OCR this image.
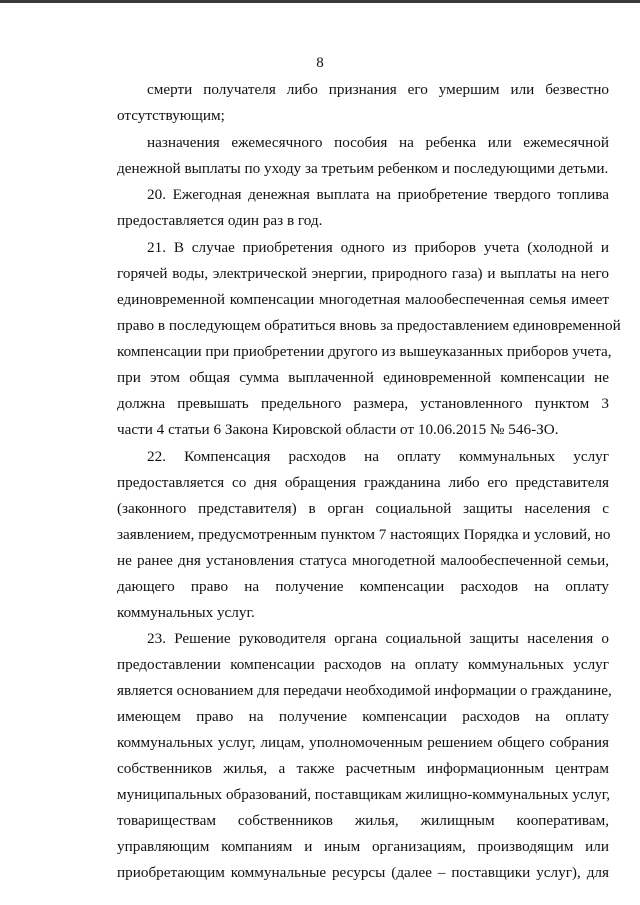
8
смерти получателя либо признания его умершим или безвестно
отсутствующим;
назначения ежемесячного пособия на ребенка или ежемесячной
денежной выплаты по уходу за третьим ребенком и последующими детьми.
20. Ежегодная денежная выплата на приобретение твердого топлива
предоставляется один раз в год.
21. В случае приобретения одного из приборов учета (холодной и
горячей воды, электрической энергии, природного газа) и выплаты на него
единовременной компенсации многодетная малообеспеченная семья имеет
право в последующем обратиться вновь за предоставлением единовременной
компенсации при приобретении другого из вышеуказанных приборов учета,
при этом общая сумма выплаченной единовременной компенсации не
должна превышать предельного размера, установленного пунктом 3
части 4 статьи 6 Закона Кировской области от 10.06.2015 № 546-ЗО.
22. Компенсация расходов на оплату коммунальных услуг
предоставляется со дня обращения гражданина либо его представителя
(законного представителя) в орган социальной защиты населения с
заявлением, предусмотренным пунктом 7 настоящих Порядка и условий, но
не ранее дня установления статуса многодетной малообеспеченной семьи,
дающего право на получение компенсации расходов на оплату
коммунальных услуг.
23. Решение руководителя органа социальной защиты населения о
предоставлении компенсации расходов на оплату коммунальных услуг
является основанием для передачи необходимой информации о гражданине,
имеющем право на получение компенсации расходов на оплату
коммунальных услуг, лицам, уполномоченным решением общего собрания
собственников жилья, а также расчетным информационным центрам
муниципальных образований, поставщикам жилищно-коммунальных услуг,
товариществам собственников жилья, жилищным кооперативам,
управляющим компаниям и иным организациям, производящим или
приобретающим коммунальные ресурсы (далее – поставщики услуг), для
